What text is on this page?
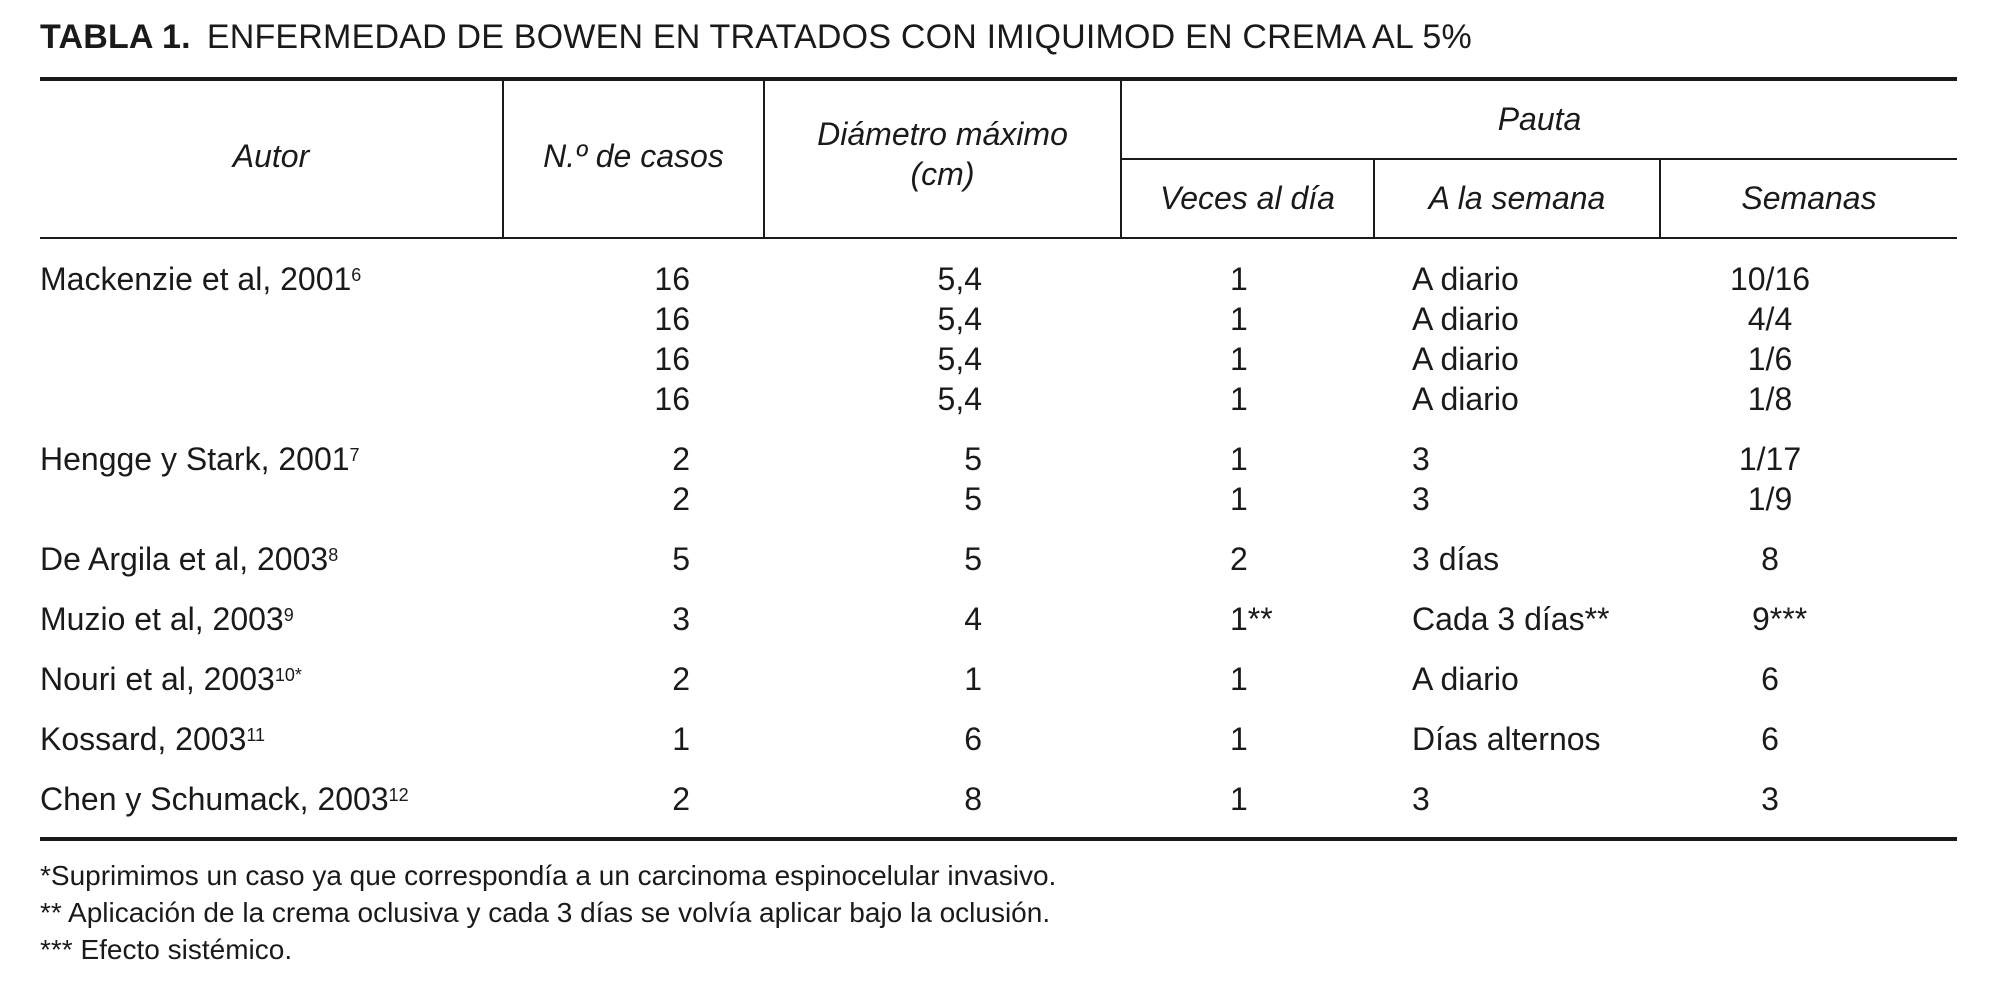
TABLA 1. ENFERMEDAD DE BOWEN EN TRATADOS CON IMIQUIMOD EN CREMA AL 5%
Autor	N.º de casos
Diámetro máximo
(cm)
Pauta
Veces al día	A la semana	Semanas
Mackenzie et al, 2001$^6$	16	5,4	1	A diario	10/16
16	5,4	1	A diario	4/4
16	5,4	1	A diario	1/6
16	5,4	1	A diario	1/8
Hengge y Stark, 2001$^7$	2	5	1	3	1/17
2	5	1	3	1/9
De Argila et al, 2003$^8$	5	5	2	3 días	8
Muzio et al, 2003$^9$	3	4	1**	Cada 3 días**	9***
Nouri et al, $2003^{10*}$	2	1	1	A diario	6
Kossard, 2003$^{11}$	1	6	1	Días alternos	6
Chen y Schumack, 2003$^{12}$	2	8	1	3	3
*Suprimimos un caso ya que correspondía a un carcinoma espinocelular invasivo.
** Aplicación de la crema oclusiva y cada 3 días se volvía aplicar bajo la oclusión.
*** Efecto sistémico.
